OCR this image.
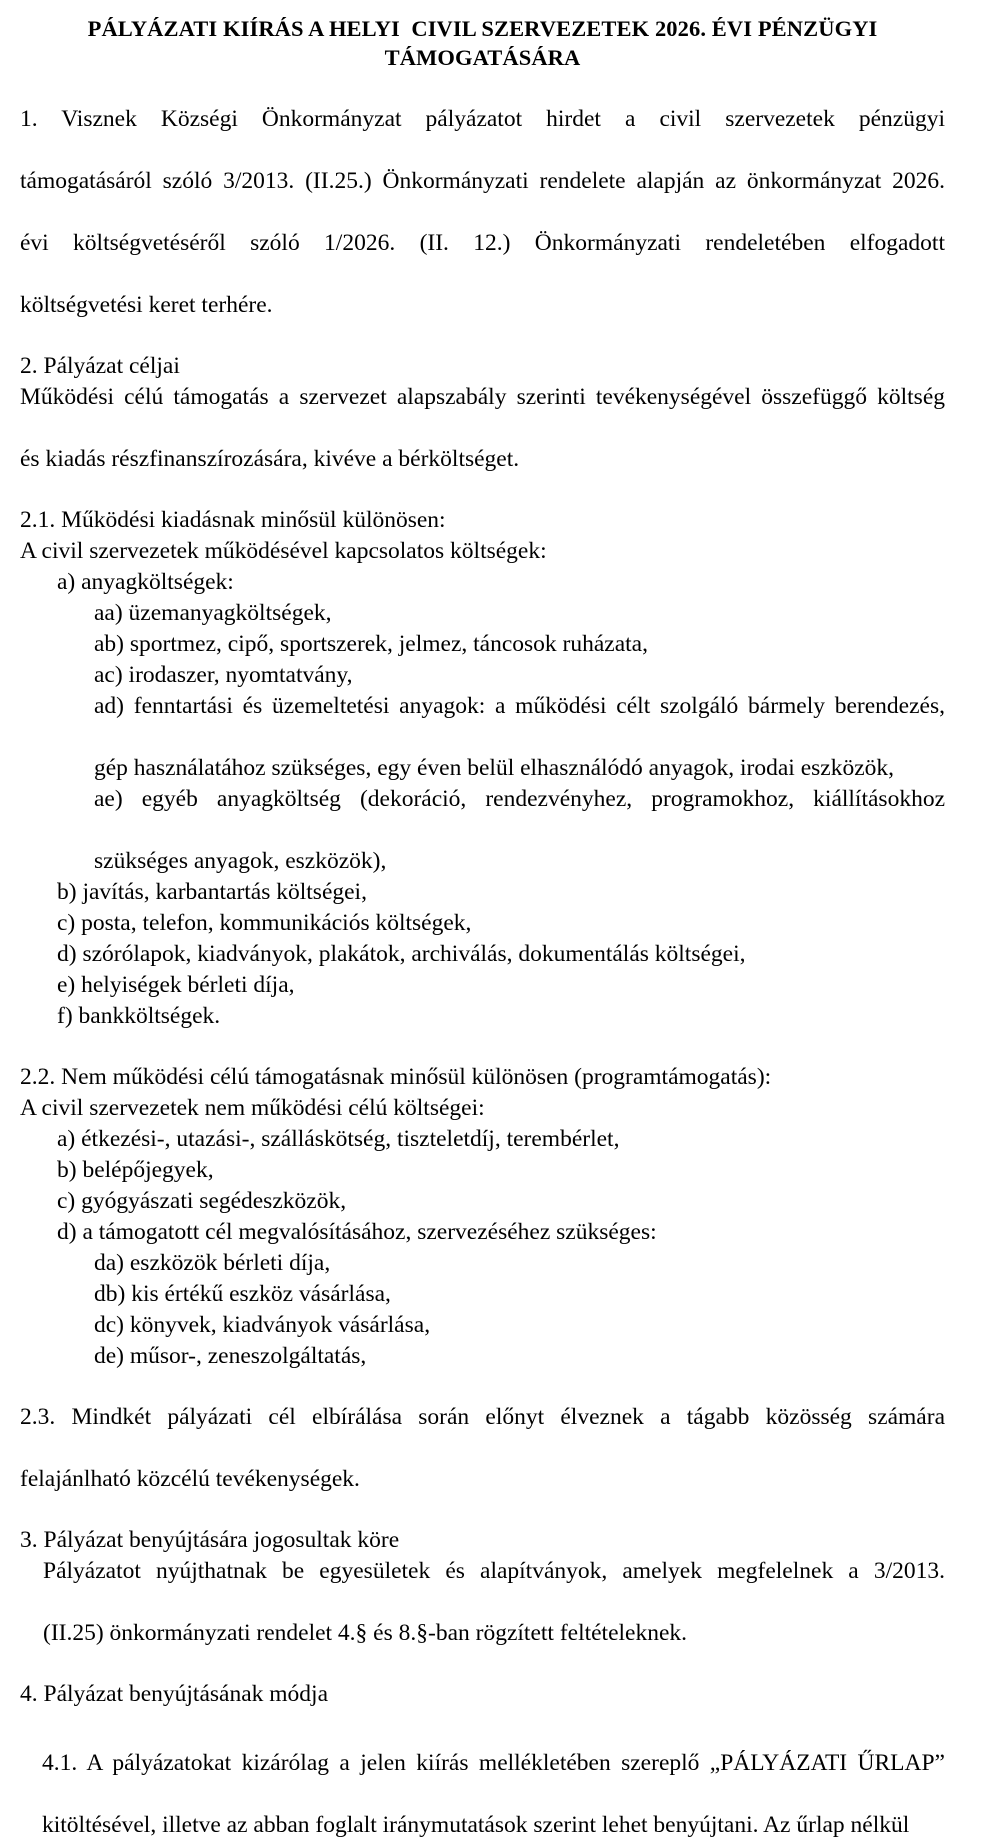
PÁLYÁZATI KIÍRÁS A HELYI  CIVIL SZERVEZETEK 2026. ÉVI PÉNZÜGYI TÁMOGATÁSÁRA
1. Visznek Községi Önkormányzat pályázatot hirdet a civil szervezetek pénzügyi
támogatásáról szóló 3/2013. (II.25.) Önkormányzati rendelete alapján az önkormányzat 2026.
évi költségvetéséről szóló 1/2026. (II. 12.) Önkormányzati rendeletében elfogadott
költségvetési keret terhére.
2. Pályázat céljai
Működési célú támogatás a szervezet alapszabály szerinti tevékenységével összefüggő költség
és kiadás részfinanszírozására, kivéve a bérköltséget.
2.1. Működési kiadásnak minősül különösen:
A civil szervezetek működésével kapcsolatos költségek:
a) anyagköltségek:
aa) üzemanyagköltségek,
ab) sportmez, cipő, sportszerek, jelmez, táncosok ruházata,
ac) irodaszer, nyomtatvány,
ad) fenntartási és üzemeltetési anyagok: a működési célt szolgáló bármely berendezés,
gép használatához szükséges, egy éven belül elhasználódó anyagok, irodai eszközök,
ae) egyéb anyagköltség (dekoráció, rendezvényhez, programokhoz, kiállításokhoz
szükséges anyagok, eszközök),
b) javítás, karbantartás költségei,
c) posta, telefon, kommunikációs költségek,
d) szórólapok, kiadványok, plakátok, archiválás, dokumentálás költségei,
e) helyiségek bérleti díja,
f) bankköltségek.
2.2. Nem működési célú támogatásnak minősül különösen (programtámogatás):
A civil szervezetek nem működési célú költségei:
a) étkezési-, utazási-, szálláskötség, tiszteletdíj, terembérlet,
b) belépőjegyek,
c) gyógyászati segédeszközök,
d) a támogatott cél megvalósításához, szervezéséhez szükséges:
da) eszközök bérleti díja,
db) kis értékű eszköz vásárlása,
dc) könyvek, kiadványok vásárlása,
de) műsor-, zeneszolgáltatás,
2.3. Mindkét pályázati cél elbírálása során előnyt élveznek a tágabb közösség számára
felajánlható közcélú tevékenységek.
3. Pályázat benyújtására jogosultak köre
Pályázatot nyújthatnak be egyesületek és alapítványok, amelyek megfelelnek a 3/2013.
(II.25) önkormányzati rendelet 4.§ és 8.§-ban rögzített feltételeknek.
4. Pályázat benyújtásának módja
4.1. A pályázatokat kizárólag a jelen kiírás mellékletében szereplő „PÁLYÁZATI ŰRLAP”
kitöltésével, illetve az abban foglalt iránymutatások szerint lehet benyújtani. Az űrlap nélkül
